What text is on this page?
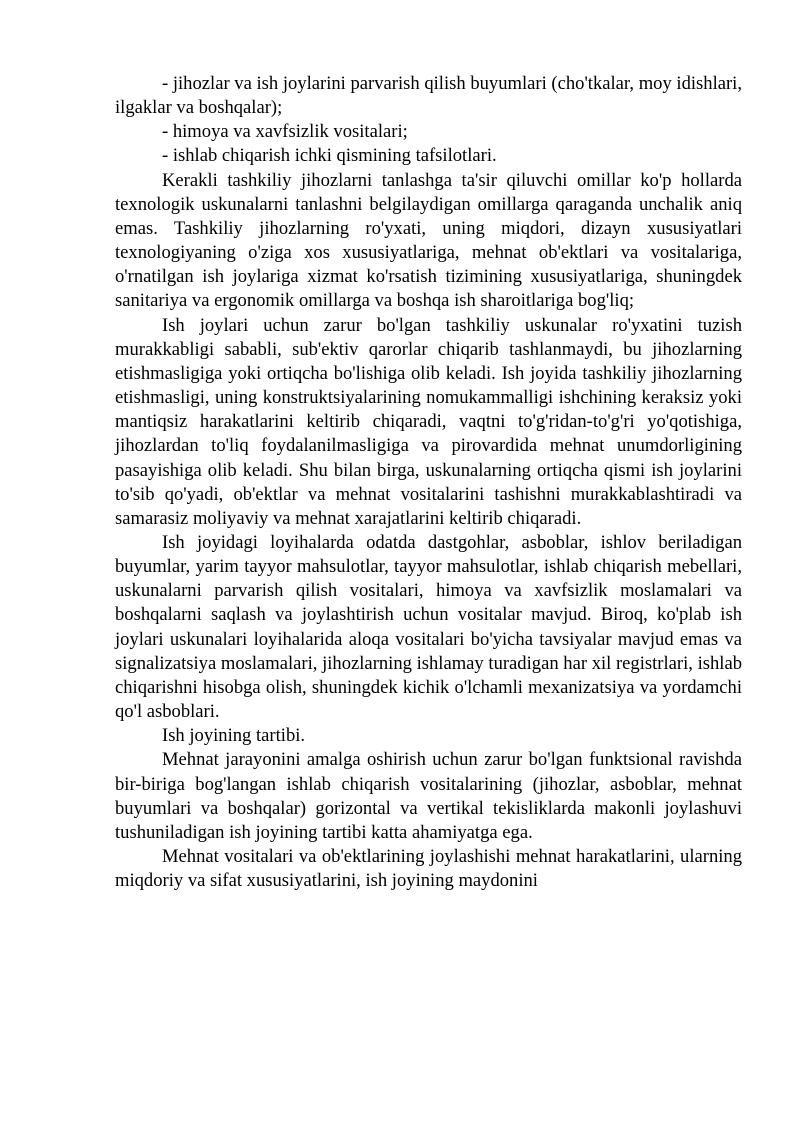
- jihozlar va ish joylarini parvarish qilish buyumlari (cho'tkalar, moy idishlari, ilgaklar va boshqalar);

- himoya va xavfsizlik vositalari;

- ishlab chiqarish ichki qismining tafsilotlari.

Kerakli tashkiliy jihozlarni tanlashga ta'sir qiluvchi omillar ko'p hollarda texnologik uskunalarni tanlashni belgilaydigan omillarga qaraganda unchalik aniq emas. Tashkiliy jihozlarning ro'yxati, uning miqdori, dizayn xususiyatlari texnologiyaning o'ziga xos xususiyatlariga, mehnat ob'ektlari va vositalariga, o'rnatilgan ish joylariga xizmat ko'rsatish tizimining xususiyatlariga, shuningdek sanitariya va ergonomik omillarga va boshqa ish sharoitlariga bog'liq;

Ish joylari uchun zarur bo'lgan tashkiliy uskunalar ro'yxatini tuzish murakkabligi sababli, sub'ektiv qarorlar chiqarib tashlanmaydi, bu jihozlarning etishmasligiga yoki ortiqcha bo'lishiga olib keladi. Ish joyida tashkiliy jihozlarning etishmasligi, uning konstruktsiyalarining nomukammalligi ishchining keraksiz yoki mantiqsiz harakatlarini keltirib chiqaradi, vaqtni to'g'ridan-to'g'ri yo'qotishiga, jihozlardan to'liq foydalanilmasligiga va pirovardida mehnat unumdorligining pasayishiga olib keladi. Shu bilan birga, uskunalarning ortiqcha qismi ish joylarini to'sib qo'yadi, ob'ektlar va mehnat vositalarini tashishni murakkablashtiradi va samarasiz moliyaviy va mehnat xarajatlarini keltirib chiqaradi.

Ish joyidagi loyihalarda odatda dastgohlar, asboblar, ishlov beriladigan buyumlar, yarim tayyor mahsulotlar, tayyor mahsulotlar, ishlab chiqarish mebellari, uskunalarni parvarish qilish vositalari, himoya va xavfsizlik moslamalari va boshqalarni saqlash va joylashtirish uchun vositalar mavjud. Biroq, ko'plab ish joylari uskunalari loyihalarida aloqa vositalari bo'yicha tavsiyalar mavjud emas va signalizatsiya moslamalari, jihozlarning ishlamay turadigan har xil registrlari, ishlab chiqarishni hisobga olish, shuningdek kichik o'lchamli mexanizatsiya va yordamchi qo'l asboblari.

Ish joyining tartibi.

Mehnat jarayonini amalga oshirish uchun zarur bo'lgan funktsional ravishda bir-biriga bog'langan ishlab chiqarish vositalarining (jihozlar, asboblar, mehnat buyumlari va boshqalar) gorizontal va vertikal tekisliklarda makonli joylashuvi tushuniladigan ish joyining tartibi katta ahamiyatga ega.

Mehnat vositalari va ob'ektlarining joylashishi mehnat harakatlarini, ularning miqdoriy va sifat xususiyatlarini, ish joyining maydonini
